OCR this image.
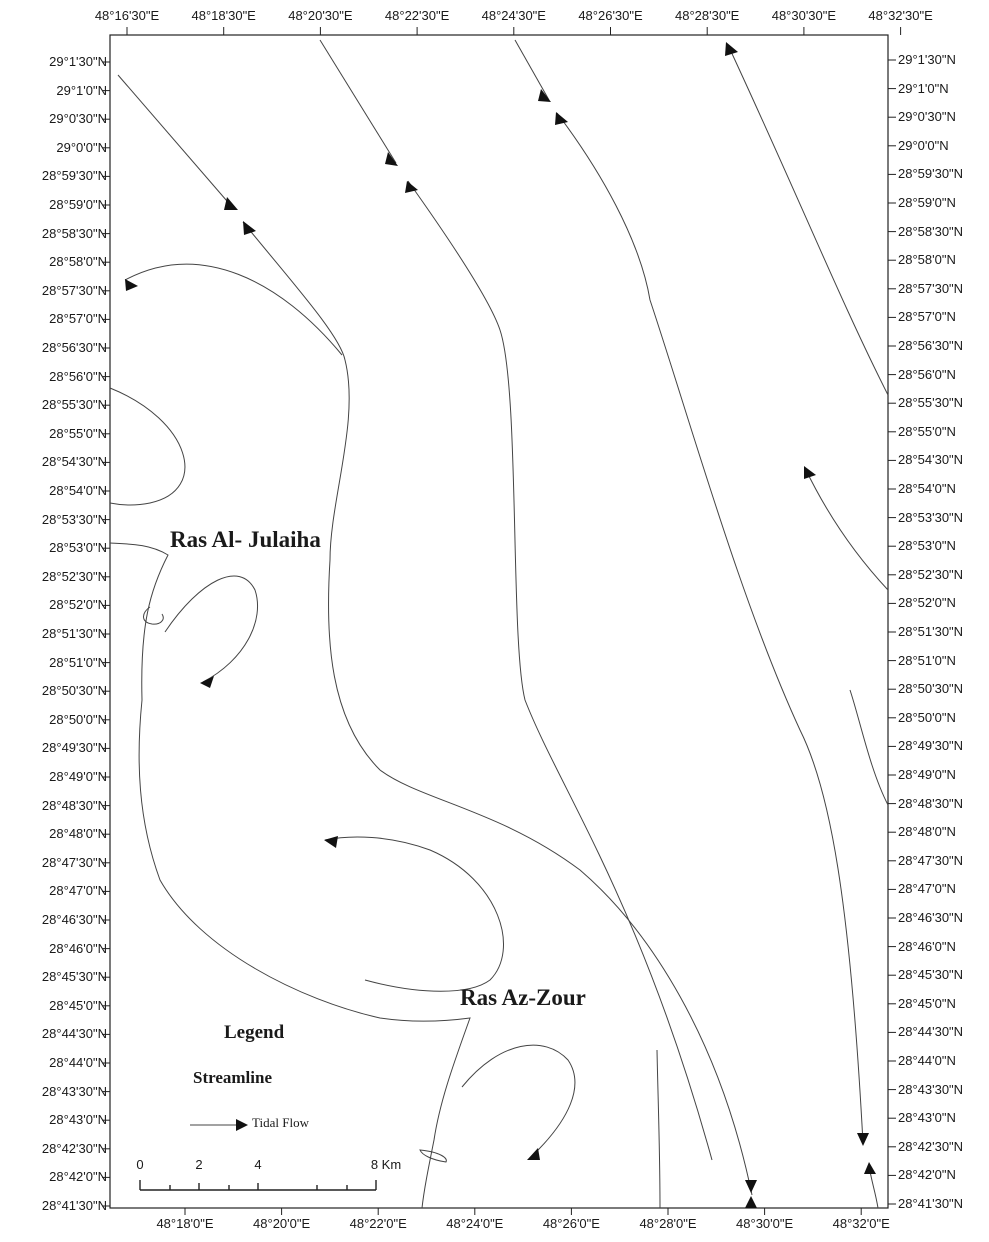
48°16'30"E 48°18'30"E 48°20'30"E 48°22'30"E 48°24'30"E 48°26'30"E 48°28'30"E 48°30'30"E 48°32'30"E
48°18'0"E	48°20'0"E	48°22'0"E	48°24'0"E	48°26'0"E	48°28'0"E	48°30'0"E	48°32'0"E
29°1'30"N
29°1'0"N
29°0'30"N
29°0'0"N
28°59'30"N
28°59'0"N
28°58'30"N
28°58'0"N
28°57'30"N
28°57'0"N
28°56'30"N
28°56'0"N
28°55'30"N
28°55'0"N
28°54'30"N
28°54'0"N
28°53'30"N
28°53'0"N
28°52'30"N
28°52'0"N
28°51'30"N
28°51'0"N
28°50'30"N
28°50'0"N
28°49'30"N
28°49'0"N
28°48'30"N
28°48'0"N
28°47'30"N
28°47'0"N
28°46'30"N
28°46'0"N
28°45'30"N
28°45'0"N
28°44'30"N
28°44'0"N
28°43'30"N
28°43'0"N
28°42'30"N
28°42'0"N
28°41'30"N
29°1'30"N
29°1'0"N
29°0'30"N
29°0'0"N
28°59'30"N
28°59'0"N
28°58'30"N
28°58'0"N
28°57'30"N
28°57'0"N
28°56'30"N
28°56'0"N
28°55'30"N
28°55'0"N
28°54'30"N
28°54'0"N
28°53'30"N
28°53'0"N
28°52'30"N
28°52'0"N
28°51'30"N
28°51'0"N
28°50'30"N
28°50'0"N
28°49'30"N
28°49'0"N
28°48'30"N
28°48'0"N
28°47'30"N
28°47'0"N
28°46'30"N
28°46'0"N
28°45'30"N
28°45'0"N
28°44'30"N
28°44'0"N
28°43'30"N
28°43'0"N
28°42'30"N
28°42'0"N
28°41'30"N
Ras Al- Julaiha
Ras Az-Zour
Legend
Streamline
Tidal Flow
0	2	4	8 Km
